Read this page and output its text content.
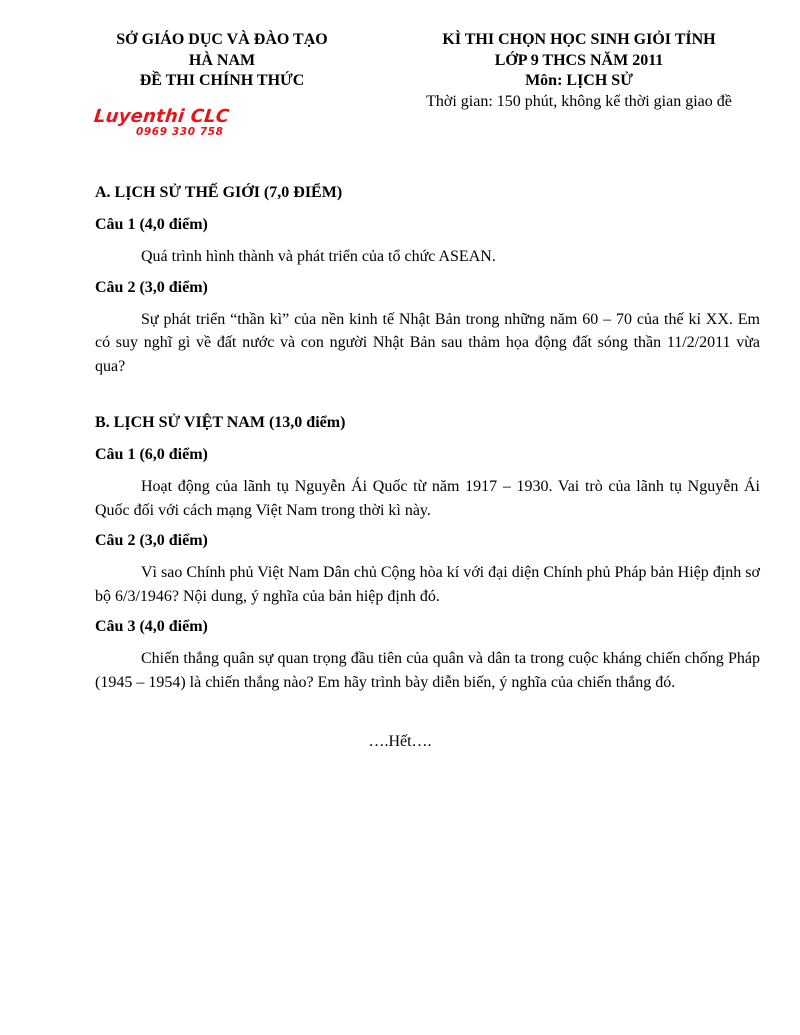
SỞ GIÁO DỤC VÀ ĐÀO TẠO
HÀ NAM
ĐỀ THI CHÍNH THỨC
KÌ THI CHỌN HỌC SINH GIỎI TỈNH
LỚP 9 THCS NĂM 2011
Môn: LỊCH SỬ
Thời gian: 150 phút, không kể thời gian giao đề
Luyenthi CLC
0969 330 758

A. LỊCH SỬ THẾ GIỚI (7,0 ĐIỂM)

Câu 1 (4,0 điểm)

Quá trình hình thành và phát triển của tổ chức ASEAN.

Câu 2 (3,0 điểm)

Sự phát triển “thần kì” của nền kinh tế Nhật Bản trong những năm 60 – 70 của thế kỉ XX. Em có suy nghĩ gì về đất nước và con người Nhật Bản sau thảm họa động đất sóng thần 11/2/2011 vừa qua?

B. LỊCH SỬ VIỆT NAM (13,0 điểm)

Câu 1 (6,0 điểm)

Hoạt động của lãnh tụ Nguyễn Ái Quốc từ năm 1917 – 1930. Vai trò của lãnh tụ Nguyễn Ái Quốc đối với cách mạng Việt Nam trong thời kì này.

Câu 2 (3,0 điểm)

Vì sao Chính phủ Việt Nam Dân chủ Cộng hòa kí với đại diện Chính phủ Pháp bản Hiệp định sơ bộ 6/3/1946? Nội dung, ý nghĩa của bản hiệp định đó.

Câu 3 (4,0 điểm)

Chiến thắng quân sự quan trọng đầu tiên của quân và dân ta trong cuộc kháng chiến chống Pháp (1945 – 1954) là chiến thắng nào? Em hãy trình bày diễn biến, ý nghĩa của chiến thắng đó.

….Hết….
